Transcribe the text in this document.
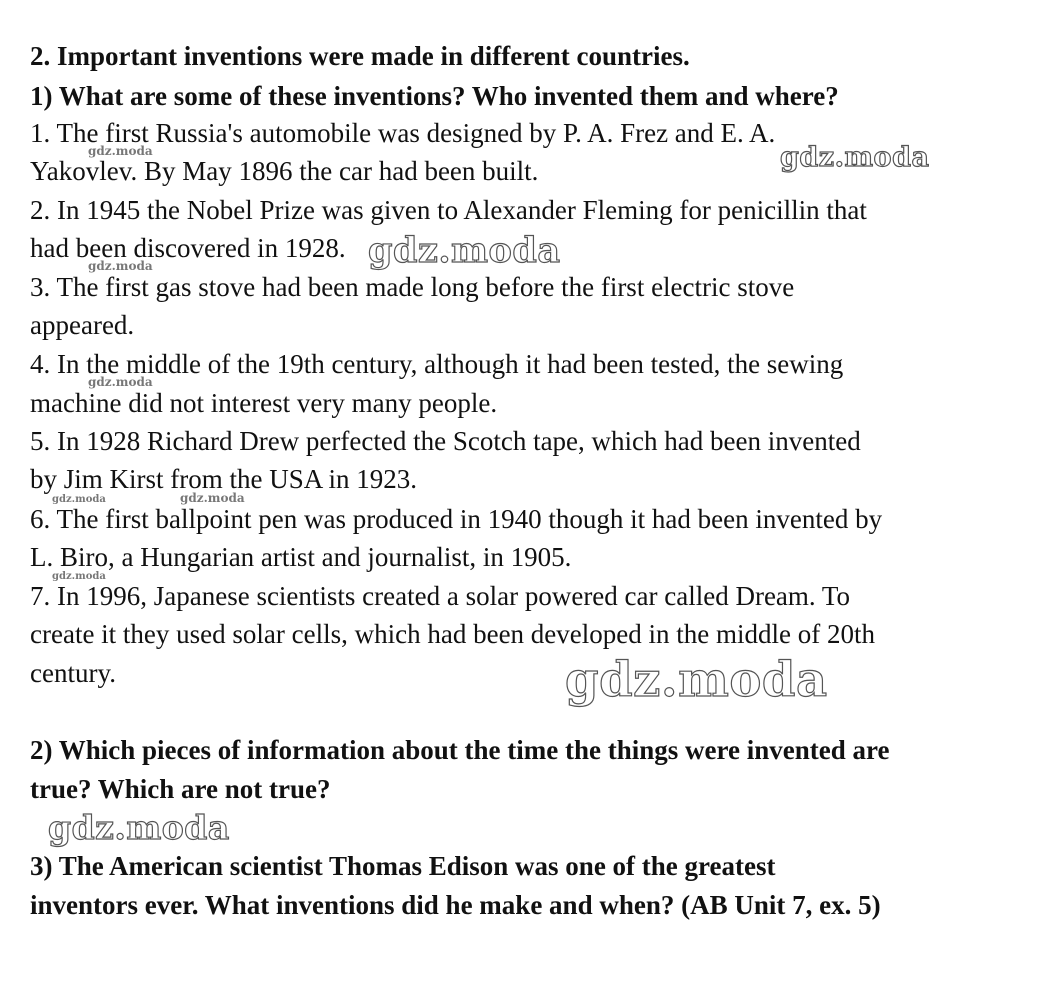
2. Important inventions were made in different countries.
1) What are some of these inventions? Who invented them and where?
1. The first Russia's automobile was designed by P. A. Frez and E. A.
Yakovlev. By May 1896 the car had been built.
2. In 1945 the Nobel Prize was given to Alexander Fleming for penicillin that
had been discovered in 1928.
3. The first gas stove had been made long before the first electric stove
appeared.
4. In the middle of the 19th century, although it had been tested, the sewing
machine did not interest very many people.
5. In 1928 Richard Drew perfected the Scotch tape, which had been invented
by Jim Kirst from the USA in 1923.
6. The first ballpoint pen was produced in 1940 though it had been invented by
L. Biro, a Hungarian artist and journalist, in 1905.
7. In 1996, Japanese scientists created a solar powered car called Dream. To
create it they used solar cells, which had been developed in the middle of 20th
century.
2) Which pieces of information about the time the things were invented are
true? Which are not true?
3) The American scientist Thomas Edison was one of the greatest
inventors ever. What inventions did he make and when? (AB Unit 7, ex. 5)
gdz.moda
gdz.moda
gdz.moda
gdz.moda
gdz.moda
gdz.moda
gdz.moda
gdz.moda	gdz.moda
gdz.moda
